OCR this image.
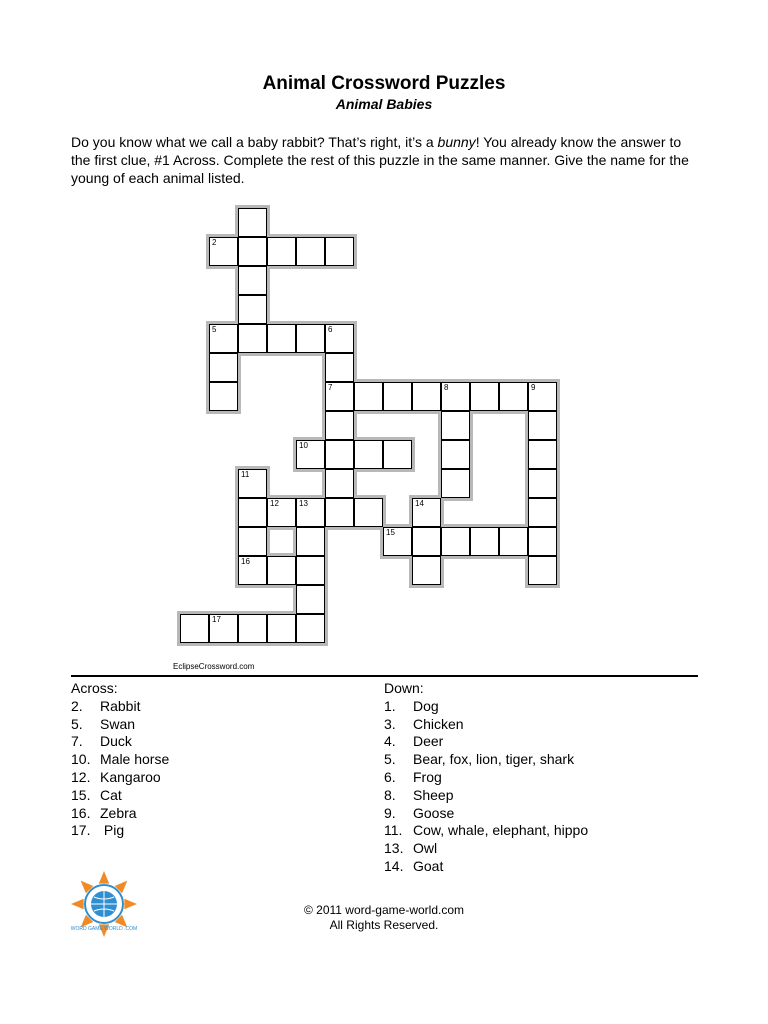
Animal Crossword Puzzles
Animal Babies

Do you know what we call a baby rabbit? That’s right, it’s a bunny! You already know the answer to the first clue, #1 Across. Complete the rest of this puzzle in the same manner. Give the name for the young of each animal listed.

2
5	6
7	8	9
10
12	13	14
11
16
15
17

EclipseCrossword.com

Across:

2.	Rabbit
5.	Swan
7.	Duck
10. Male horse
12. Kangaroo
15. Cat
16. Zebra
17. Pig

Down:

1.	Dog
3.	Chicken
4.	Deer
5.	Bear, fox, lion, tiger, shark
6.	Frog
8.	Sheep
9.	Goose
11. Cow, whale, elephant, hippo
13. Owl
14. Goat
WORD GAME WORLD .COM
© 2011 word-game-world.com
All Rights Reserved.
